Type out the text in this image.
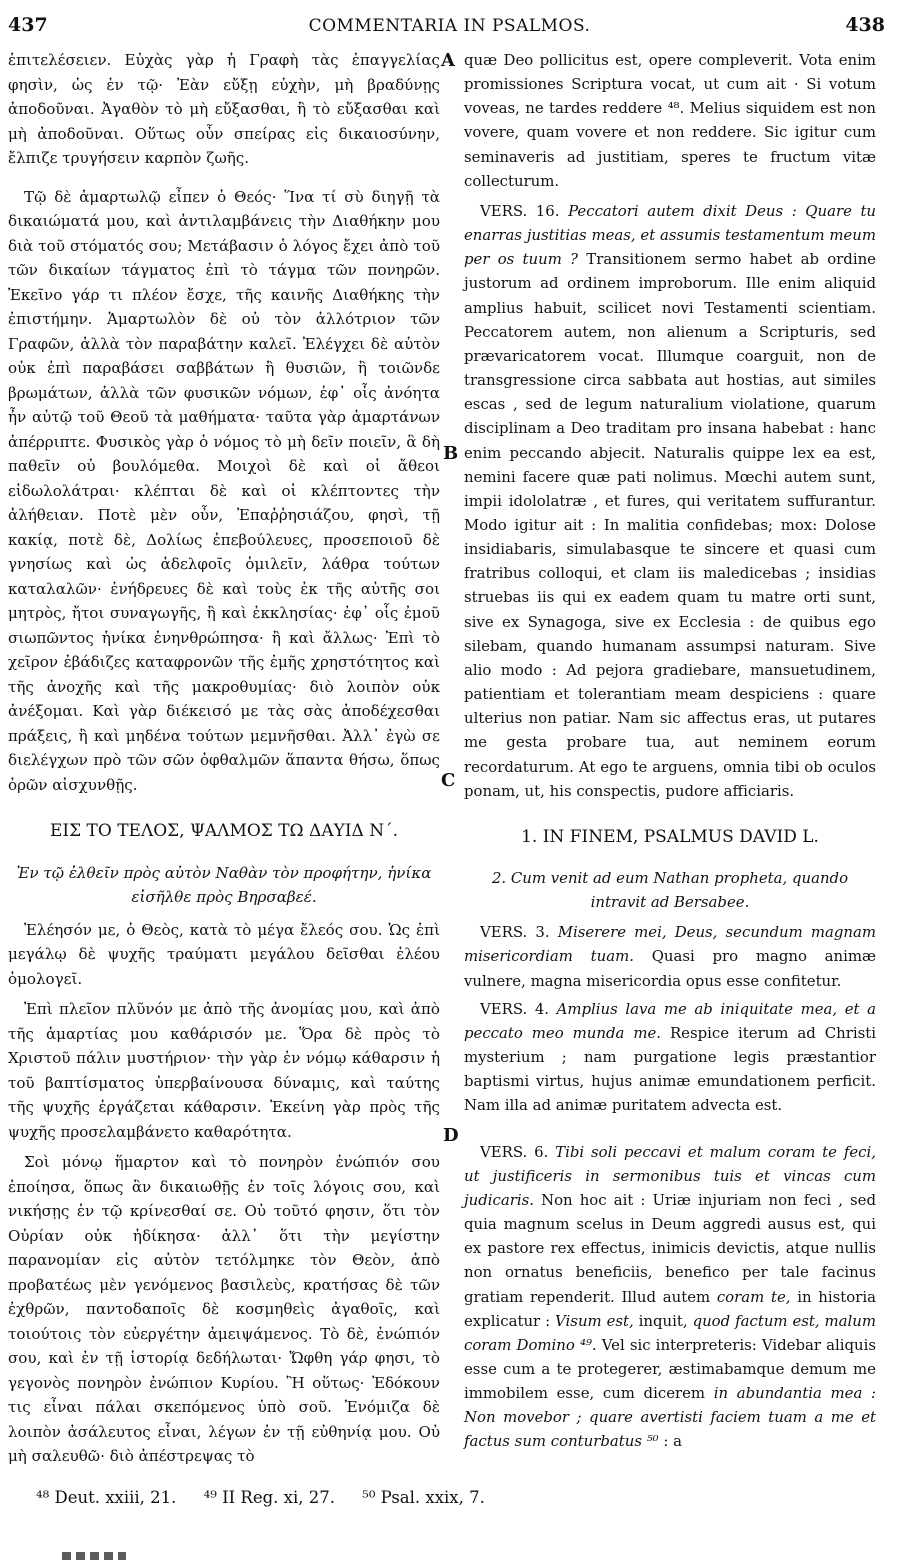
437	COMMENTARIA IN PSALMOS.	438
A
B
C
D

ἐπιτελέσειεν. Εὐχὰς γὰρ ἡ Γραφὴ τὰς ἐπαγγελίας φησὶν, ὡς ἐν τῷ· Ἐὰν εὔξῃ εὐχὴν, μὴ βραδύνῃς ἀποδοῦναι. Ἀγαθὸν τὸ μὴ εὔξασθαι, ἢ τὸ εὔξασθαι καὶ μὴ ἀποδοῦναι. Οὕτως οὖν σπείρας εἰς δικαιοσύνην, ἔλπιζε τρυγήσειν καρπὸν ζωῆς.

Τῷ δὲ ἁμαρτωλῷ εἶπεν ὁ Θεός· Ἵνα τί σὺ διηγῇ τὰ δικαιώματά μου, καὶ ἀντιλαμβάνεις τὴν Διαθήκην μου διὰ τοῦ στόματός σου; Μετάβασιν ὁ λόγος ἔχει ἀπὸ τοῦ τῶν δικαίων τάγματος ἐπὶ τὸ τάγμα τῶν πονηρῶν. Ἐκεῖνο γάρ τι πλέον ἔσχε, τῆς καινῆς Διαθήκης τὴν ἐπιστήμην. Ἁμαρτωλὸν δὲ οὐ τὸν ἀλλότριον τῶν Γραφῶν, ἀλλὰ τὸν παραβάτην καλεῖ. Ἐλέγχει δὲ αὐτὸν οὐκ ἐπὶ παραβάσει σαββάτων ἢ θυσιῶν, ἢ τοιῶνδε βρωμάτων, ἀλλὰ τῶν φυσικῶν νόμων, ἐφ᾽ οἷς ἀνόητα ἦν αὐτῷ τοῦ Θεοῦ τὰ μαθήματα· ταῦτα γὰρ ἁμαρτάνων ἀπέρριπτε. Φυσικὸς γὰρ ὁ νόμος τὸ μὴ δεῖν ποιεῖν, ἃ δὴ παθεῖν οὐ βουλόμεθα. Μοιχοὶ δὲ καὶ οἱ ἄθεοι εἰδωλολάτραι· κλέπται δὲ καὶ οἱ κλέπτοντες τὴν ἀλήθειαν. Ποτὲ μὲν οὖν, Ἐπαῤῥησιάζου, φησὶ, τῇ κακίᾳ, ποτὲ δὲ, Δολίως ἐπεβούλευες, προσεποιοῦ δὲ γνησίως καὶ ὡς ἀδελφοῖς ὁμιλεῖν, λάθρα τούτων καταλαλῶν· ἐνήδρευες δὲ καὶ τοὺς ἐκ τῆς αὐτῆς σοι μητρὸς, ἤτοι συναγωγῆς, ἢ καὶ ἐκκλησίας· ἐφ᾽ οἷς ἐμοῦ σιωπῶντος ἡνίκα ἐνηνθρώπησα· ἢ καὶ ἄλλως· Ἐπὶ τὸ χεῖρον ἐβάδιζες καταφρονῶν τῆς ἐμῆς χρηστότητος καὶ τῆς ἀνοχῆς καὶ τῆς μακροθυμίας· διὸ λοιπὸν οὐκ ἀνέξομαι. Καὶ γὰρ διέκεισό με τὰς σὰς ἀποδέχεσθαι πράξεις, ἢ καὶ μηδένα τούτων μεμνῆσθαι. Ἀλλ᾽ ἐγὼ σε διελέγχων πρὸ τῶν σῶν ὀφθαλμῶν ἅπαντα θήσω, ὅπως ὁρῶν αἰσχυνθῇς.

ΕΙΣ ΤΟ ΤΕΛΟΣ, ΨΑΛΜΟΣ ΤΩ ΔΑΥΙΔ Ν΄.

Ἐν τῷ ἐλθεῖν πρὸς αὐτὸν Ναθὰν τὸν προφήτην, ἡνίκα εἰσῆλθε πρὸς Βηρσαβεέ.

Ἐλέησόν με, ὁ Θεὸς, κατὰ τὸ μέγα ἔλεός σου. Ὡς ἐπὶ μεγάλῳ δὲ ψυχῆς τραύματι μεγάλου δεῖσθαι ἐλέου ὁμολογεῖ.

Ἐπὶ πλεῖον πλῦνόν με ἀπὸ τῆς ἀνομίας μου, καὶ ἀπὸ τῆς ἁμαρτίας μου καθάρισόν με. Ὅρα δὲ πρὸς τὸ Χριστοῦ πάλιν μυστήριον· τὴν γὰρ ἐν νόμῳ κάθαρσιν ἡ τοῦ βαπτίσματος ὑπερβαίνουσα δύναμις, καὶ ταύτης τῆς ψυχῆς ἐργάζεται κάθαρσιν. Ἐκείνη γὰρ πρὸς τῆς ψυχῆς προσελαμβάνετο καθαρότητα.

Σοὶ μόνῳ ἥμαρτον καὶ τὸ πονηρὸν ἐνώπιόν σου ἐποίησα, ὅπως ἂν δικαιωθῇς ἐν τοῖς λόγοις σου, καὶ νικήσῃς ἐν τῷ κρίνεσθαί σε. Οὐ τοῦτό φησιν, ὅτι τὸν Οὐρίαν οὐκ ἠδίκησα· ἀλλ᾽ ὅτι τὴν μεγίστην παρανομίαν εἰς αὐτὸν τετόλμηκε τὸν Θεὸν, ἀπὸ προβατέως μὲν γενόμενος βασιλεὺς, κρατήσας δὲ τῶν ἐχθρῶν, παντοδαποῖς δὲ κοσμηθεὶς ἀγαθοῖς, καὶ τοιούτοις τὸν εὐεργέτην ἀμειψάμενος. Τὸ δὲ, ἐνώπιόν σου, καὶ ἐν τῇ ἱστορίᾳ δεδήλωται· Ὤφθη γάρ φησι, τὸ γεγονὸς πονηρὸν ἐνώπιον Κυρίου. Ἢ οὕτως· Ἐδόκουν τις εἶναι πάλαι σκεπόμενος ὑπὸ σοῦ. Ἐνόμιζα δὲ λοιπὸν ἀσάλευτος εἶναι, λέγων ἐν τῇ εὐθηνίᾳ μου. Οὐ μὴ σαλευθῶ· διὸ ἀπέστρεψας τὸ

quæ Deo pollicitus est, opere compleverit. Vota enim promissiones Scriptura vocat, ut cum ait · Si votum voveas, ne tardes reddere ⁴⁸. Melius siquidem est non vovere, quam vovere et non reddere. Sic igitur cum seminaveris ad justitiam, speres te fructum vitæ collecturum.

VERS. 16. Peccatori autem dixit Deus : Quare tu enarras justitias meas, et assumis testamentum meum per os tuum ? Transitionem sermo habet ab ordine justorum ad ordinem improborum. Ille enim aliquid amplius habuit, scilicet novi Testamenti scientiam. Peccatorem autem, non alienum a Scripturis, sed prævaricatorem vocat. Illumque coarguit, non de transgressione circa sabbata aut hostias, aut similes escas , sed de legum naturalium violatione, quarum disciplinam a Deo traditam pro insana habebat : hanc enim peccando abjecit. Naturalis quippe lex ea est, nemini facere quæ pati nolimus. Mœchi autem sunt, impii idololatræ , et fures, qui veritatem suffurantur. Modo igitur ait : In malitia confidebas; mox: Dolose insidiabaris, simulabasque te sincere et quasi cum fratribus colloqui, et clam iis maledicebas ; insidias struebas iis qui ex eadem quam tu matre orti sunt, sive ex Synagoga, sive ex Ecclesia : de quibus ego silebam, quando humanam assumpsi naturam. Sive alio modo : Ad pejora gradiebare, mansuetudinem, patientiam et tolerantiam meam despiciens : quare ulterius non patiar. Nam sic affectus eras, ut putares me gesta probare tua, aut neminem eorum recordaturum. At ego te arguens, omnia tibi ob oculos ponam, ut, his conspectis, pudore afficiaris.

1. IN FINEM, PSALMUS DAVID L.

2. Cum venit ad eum Nathan propheta, quando intravit ad Bersabee.

VERS. 3. Miserere mei, Deus, secundum magnam misericordiam tuam. Quasi pro magno animæ vulnere, magna misericordia opus esse confitetur.

VERS. 4. Amplius lava me ab iniquitate mea, et a peccato meo munda me. Respice iterum ad Christi mysterium ; nam purgatione legis præstantior baptismi virtus, hujus animæ emundationem perficit. Nam illa ad animæ puritatem advecta est.

VERS. 6. Tibi soli peccavi et malum coram te feci, ut justificeris in sermonibus tuis et vincas cum judicaris. Non hoc ait : Uriæ injuriam non feci , sed quia magnum scelus in Deum aggredi ausus est, qui ex pastore rex effectus, inimicis devictis, atque nullis non ornatus beneficiis, benefico per tale facinus gratiam rependerit. Illud autem coram te, in historia explicatur : Visum est, inquit, quod factum est, malum coram Domino ⁴⁹. Vel sic interpreteris: Videbar aliquis esse cum a te protegerer, æstimabamque demum me immobilem esse, cum dicerem in abundantia mea : Non movebor ; quare avertisti faciem tuam a me et factus sum conturbatus ⁵⁰ : a

⁴⁸ Deut. xxiii, 21. ⁴⁹ II Reg. xi, 27. ⁵⁰ Psal. xxix, 7.
